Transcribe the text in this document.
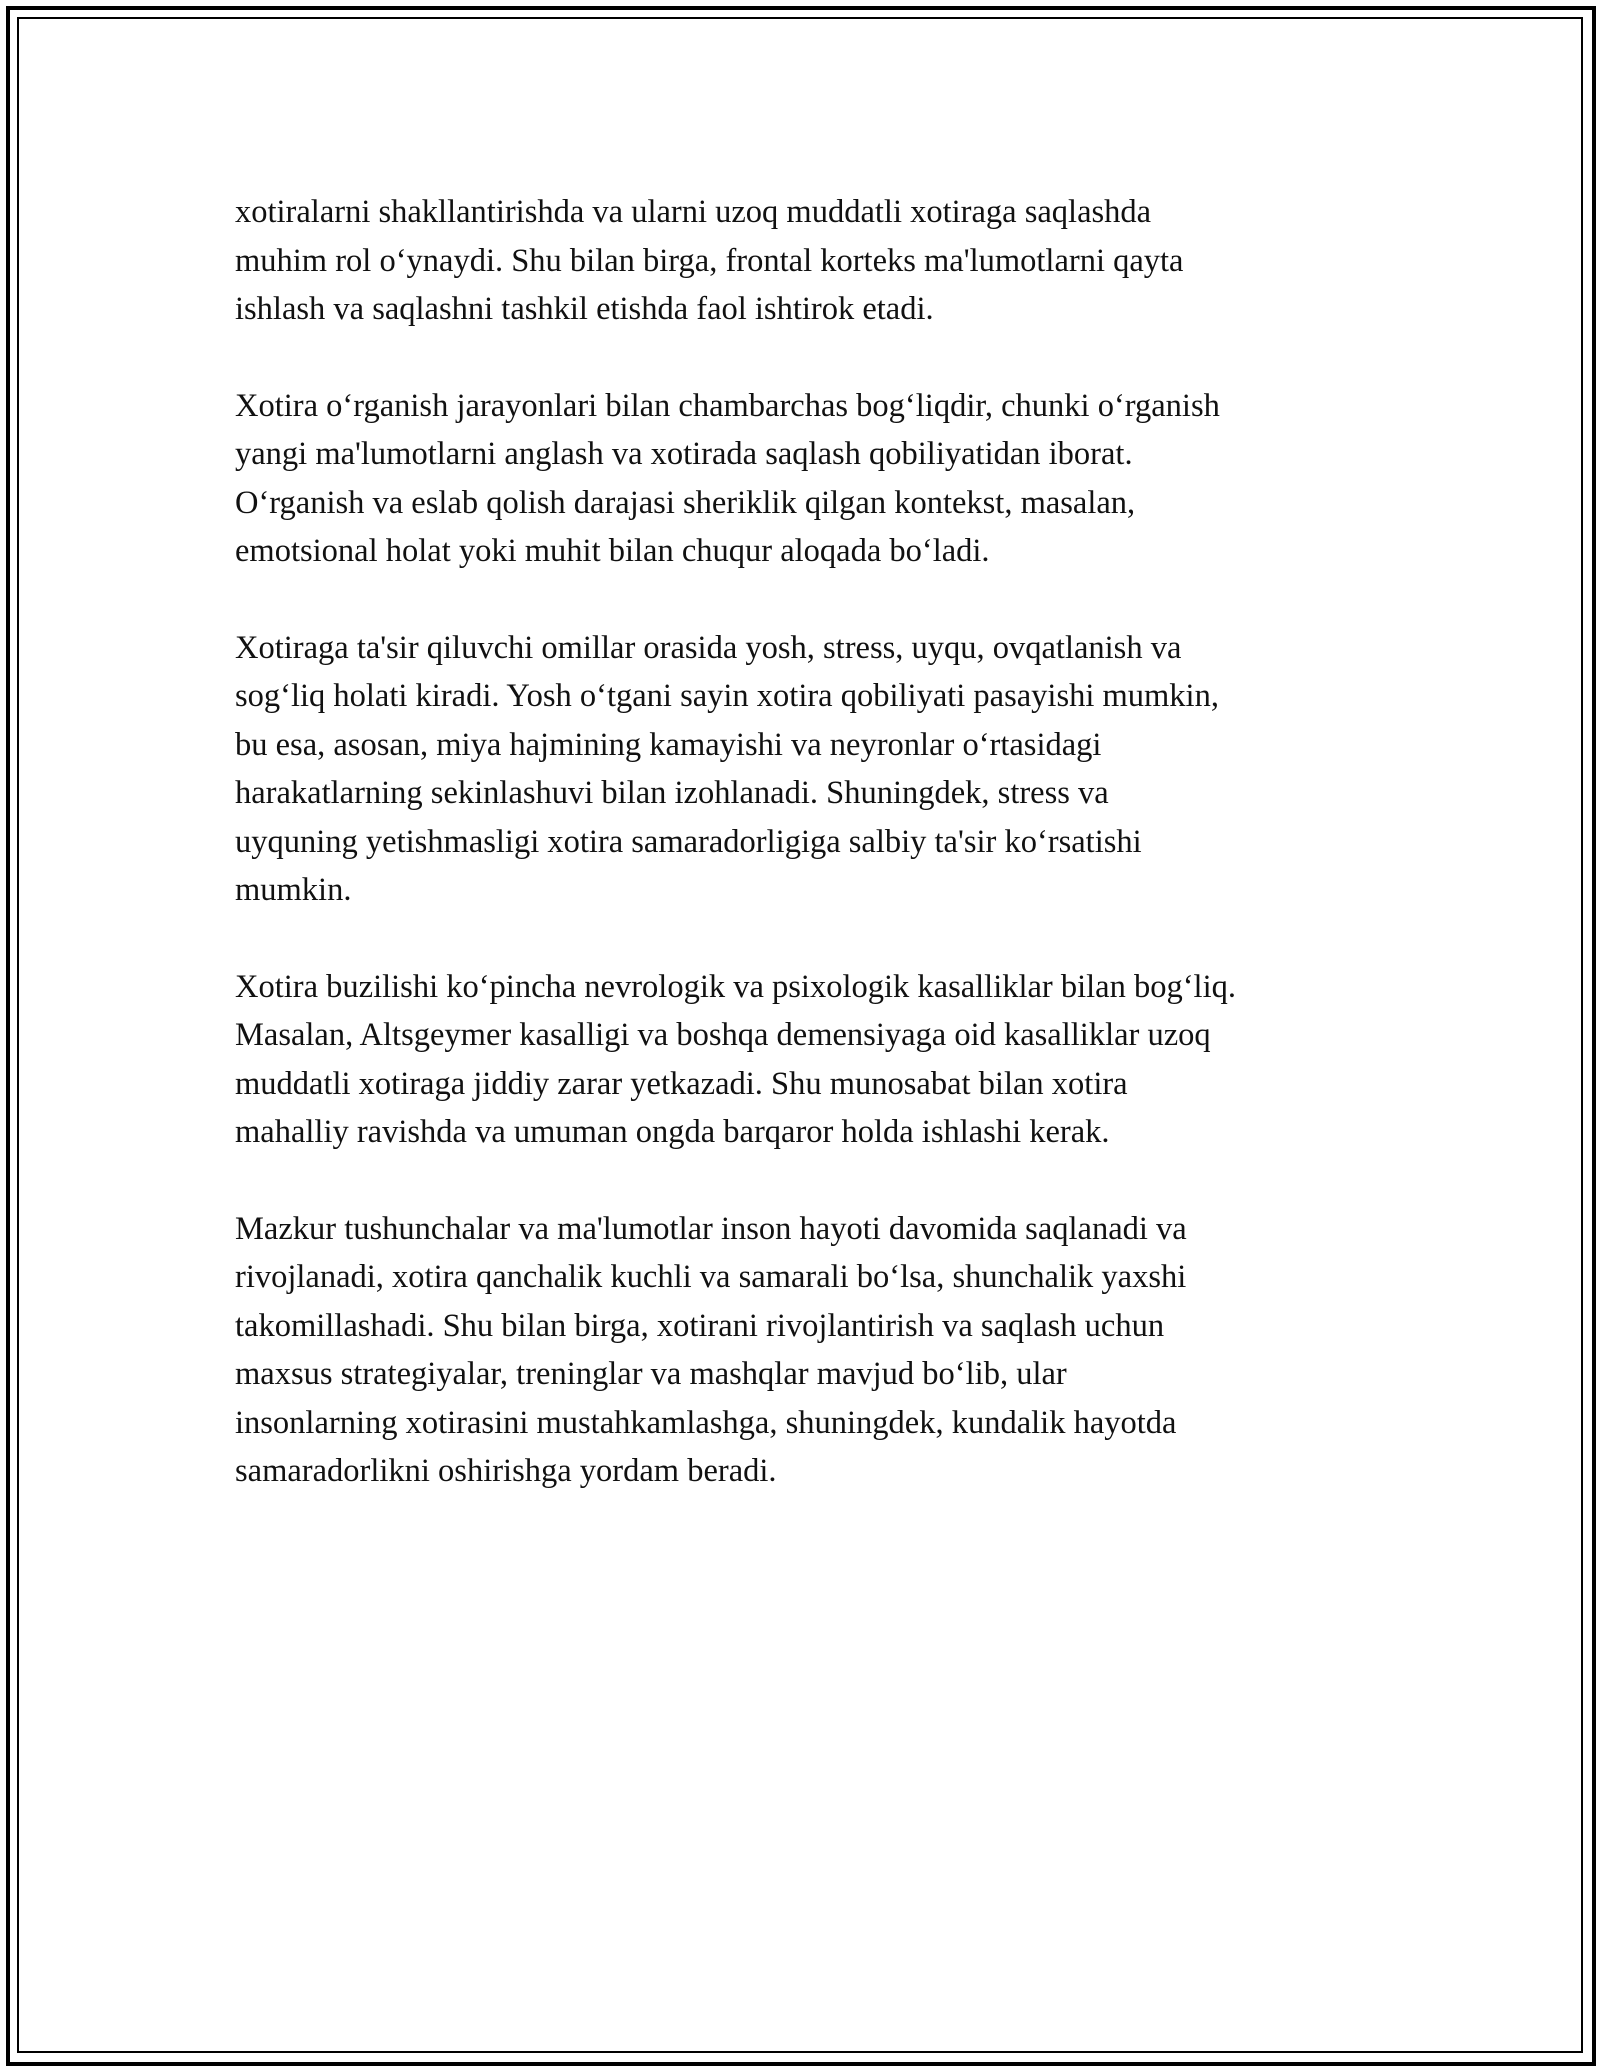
xotiralarni shakllantirishda va ularni uzoq muddatli xotiraga saqlashda
muhim rol oʻynaydi. Shu bilan birga, frontal korteks ma'lumotlarni qayta
ishlash va saqlashni tashkil etishda faol ishtirok etadi.

Xotira oʻrganish jarayonlari bilan chambarchas bogʻliqdir, chunki oʻrganish
yangi ma'lumotlarni anglash va xotirada saqlash qobiliyatidan iborat.
Oʻrganish va eslab qolish darajasi sheriklik qilgan kontekst, masalan,
emotsional holat yoki muhit bilan chuqur aloqada boʻladi.

Xotiraga ta'sir qiluvchi omillar orasida yosh, stress, uyqu, ovqatlanish va
sogʻliq holati kiradi. Yosh oʻtgani sayin xotira qobiliyati pasayishi mumkin,
bu esa, asosan, miya hajmining kamayishi va neyronlar oʻrtasidagi
harakatlarning sekinlashuvi bilan izohlanadi. Shuningdek, stress va
uyquning yetishmasligi xotira samaradorligiga salbiy ta'sir koʻrsatishi
mumkin.

Xotira buzilishi koʻpincha nevrologik va psixologik kasalliklar bilan bogʻliq.
Masalan, Altsgeymer kasalligi va boshqa demensiyaga oid kasalliklar uzoq
muddatli xotiraga jiddiy zarar yetkazadi. Shu munosabat bilan xotira
mahalliy ravishda va umuman ongda barqaror holda ishlashi kerak.

Mazkur tushunchalar va ma'lumotlar inson hayoti davomida saqlanadi va
rivojlanadi, xotira qanchalik kuchli va samarali boʻlsa, shunchalik yaxshi
takomillashadi. Shu bilan birga, xotirani rivojlantirish va saqlash uchun
maxsus strategiyalar, treninglar va mashqlar mavjud boʻlib, ular
insonlarning xotirasini mustahkamlashga, shuningdek, kundalik hayotda
samaradorlikni oshirishga yordam beradi.
